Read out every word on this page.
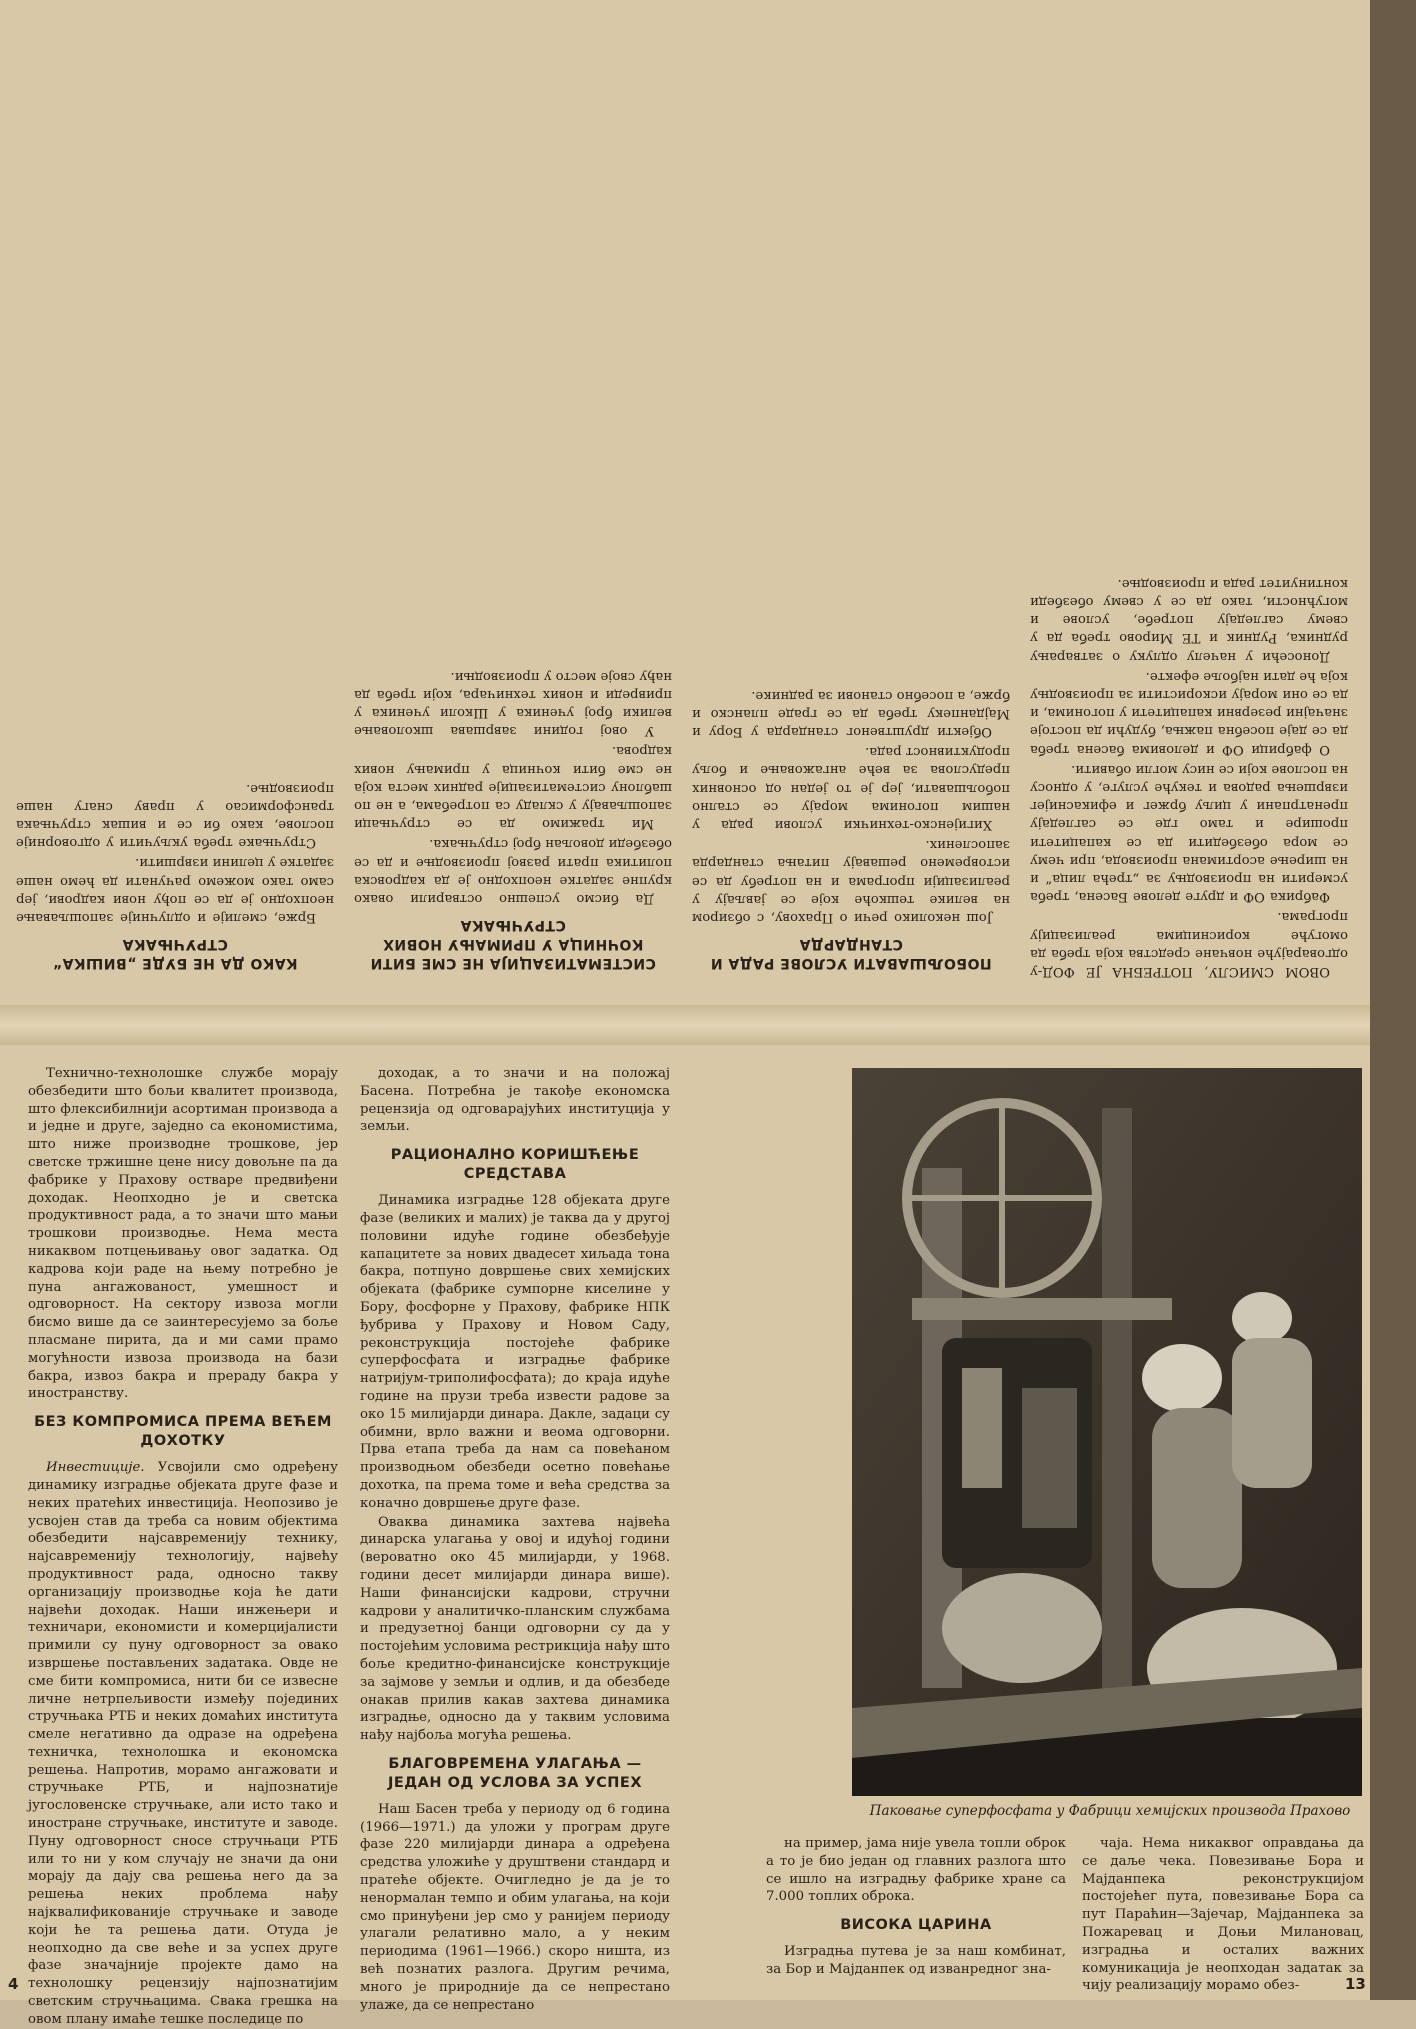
ОВОМ СМИСЛУ, ПОТРЕБНА ЈЕ ФОД-у одговарајуће новчане средства која треба да омогуће корисницима реализацију програма.

Фабрика ОФ и друге делове Басена, треба усмерити на производњу за „трећа лица“ и на ширење асортимана производа, при чему се мора обезбедити да се капацитети прошире и тамо где се сагледају пренатрпани у циљу бржег и ефикаснијег извршења радова и текуће услуге, у односу на послове који се нису могли обавити.

О фабрици ОФ и деловима басена треба да се даје посебна пажња, будући да постоје значајни резервни капацитети у погонима, и да се они морају искористити за производњу која ће дати најбоље ефекте.

Доносећи у начелу одлуку о затварању рудника, Рудник и ТЕ Мирово треба да у свему сагледају потребе, услове и могућности, тако да се у свему обезбеди континуитет рада и производње.

ПОБОЉШАВАТИ УСЛОВЕ РАДА И СТАНДАРДА

Још неколико речи о Прахову, с обзиром на велике тешкоће које се јављају у реализацији програма и на потребу да се истовремено решавају питања стандарда запослених.

Хигијенско-технички услови рада у нашим погонима морају се стално побољшавати, јер је то један од основних предуслова за веће ангажовање и бољу продуктивност рада.

Објекти друштвеног стандарда у Бору и Мајданпеку треба да се граде планско и брже, а посебно станови за раднике.

СИСТЕМАТИЗАЦИЈА НЕ СМЕ БИТИ КОЧНИЦА У ПРИМАЊУ НОВИХ СТРУЧЊАКА

Да бисмо успешно остварили овако крупне задатке неопходно је да кадровска политика прати развој производње и да се обезбеди довољан број стручњака.

Ми тражимо да се стручњаци запошљавају у складу са потребама, а не по шаблону систематизације радних места која не сме бити кочница у примању нових кадрова.

У овој години завршава школовање велики број ученика у Школи ученика у привреди и нових техничара, који треба да нађу своје место у производњи.

КАКО ДА НЕ БУДЕ „ВИШКА“ СТРУЧЊАКА

Брже, смелије и одлучније запошљавање неопходно је да се пођу нови кадрови, јер само тако можемо рачунати да ћемо наше задатке у целини извршити.

Стручњаке треба укључити у одговорније послове, како би се и вишак стручњака трансформисао у праву снагу наше производње.

Технично-технолошке службе морају обезбедити што бољи квалитет производа, што флексибилнији асортиман производа а и једне и друге, заједно са економистима, што ниже производне трошкове, јер светске тржишне цене нису довољне па да фабрике у Прахову остваре предвиђени доходак. Неопходно је и светска продуктивност рада, а то значи што мањи трошкови производње. Нема места никаквом потцењивању овог задатка. Од кадрова који раде на њему потребно је пуна ангажованост, умешност и одговорност. На сектору извоза могли бисмо више да се заинтересујемо за боље пласмане пирита, да и ми сами прамо могућности извоза производа на бази бакра, извоз бакра и прераду бакра у иностранству.

БЕЗ КОМПРОМИСА ПРЕМА ВЕЋЕМ ДОХОТКУ

Инвестиције. Усвојили смо одређену динамику изградње објеката друге фазе и неких пратећих инвестиција. Неопозиво је усвојен став да треба са новим објектима обезбедити најсавременију технику, најсавременију технологију, највећу продуктивност рада, односно такву организацију производње која ће дати највећи доходак. Наши инжењери и техничари, економисти и комерцијалисти примили су пуну одговорност за овако извршење постављених задатака. Овде не сме бити компромиса, нити би се извесне личне нетрпељивости између појединих стручњака РТБ и неких домаћих института смеле негативно да одразе на одређена техничка, технолошка и економска решења. Напротив, морамо ангажовати и стручњаке РТБ, и најпознатије југословенске стручњаке, али исто тако и иностране стручњаке, институте и заводе. Пуну одговорност сносе стручњаци РТБ или то ни у ком случају не значи да они морају да дају сва решења него да за решења неких проблема нађу најквалификованије стручњаке и заводе који ће та решења дати. Отуда је неопходно да све веће и за успех друге фазе значајније пројекте дамо на технолошку рецензију најпознатијим светским стручњацима. Свака грешка на овом плану имаће тешке последице по

доходак, а то значи и на положај Басена. Потребна је такође економска рецензија од одговарајућих институција у земљи.

РАЦИОНАЛНО КОРИШЋЕЊЕ СРЕДСТАВА

Динамика изградње 128 објеката друге фазе (великих и малих) је таква да у другој половини идуће године обезбеђује капацитете за нових двадесет хиљада тона бакра, потпуно довршење свих хемијских објеката (фабрике сумпорне киселине у Бору, фосфорне у Прахову, фабрике НПК ђубрива у Прахову и Новом Саду, реконструкција постојеће фабрике суперфосфата и изградње фабрике натријум-триполифосфата); до краја идуће године на прузи треба извести радове за око 15 милијарди динара. Дакле, задаци су обимни, врло важни и веома одговорни. Прва етапа треба да нам са повећаном производњом обезбеди осетно повећање дохотка, па према томе и већа средства за коначно довршење друге фазе.

Оваква динамика захтева највећа динарска улагања у овој и идућој години (вероватно око 45 милијарди, у 1968. години десет милијарди динара више). Наши финансијски кадрови, стручни кадрови у аналитичко-планским службама и предузетној банци одговорни су да у постојећим условима рестрикција нађу што боље кредитно-финансијске конструкције за зајмове у земљи и одлив, и да обезбеде онакав прилив какав захтева динамика изградње, односно да у таквим условима нађу најбоља могућа решења.

БЛАГОВРЕМЕНА УЛАГАЊА — ЈЕДАН ОД УСЛОВА ЗА УСПЕХ

Наш Басен треба у периоду од 6 година (1966—1971.) да уложи у програм друге фазе 220 милијарди динара а одређена средства уложиће у друштвени стандард и пратеће објекте. Очигледно је да је то ненормалан темпо и обим улагања, на који смо принуђени јер смо у ранијем периоду улагали релативно мало, а у неким периодима (1961—1966.) скоро ништа, из већ познатих разлога. Другим речима, много је природније да се непрестано улаже, да се непрестано

Паковање суперфосфата у Фабрици хемијских производа Прахово

на пример, јама није увела топли оброк а то је био један од главних разлога што се ишло на изградњу фабрике хране са 7.000 топлих оброка.

ВИСОКА ЦАРИНА

Изградња путева је за наш комбинат, за Бор и Мајданпек од изванредног зна-

чаја. Нема никаквог оправдања да се даље чека. Повезивање Бора и Мајданпека реконструкцијом постојећег пута, повезивање Бора са пут Параћин—Зајечар, Мајданпека за Пожаревац и Доњи Милановац, изградња и осталих важних комуникација је неопходан задатак за чију реализацију морамо обез-

4	13
